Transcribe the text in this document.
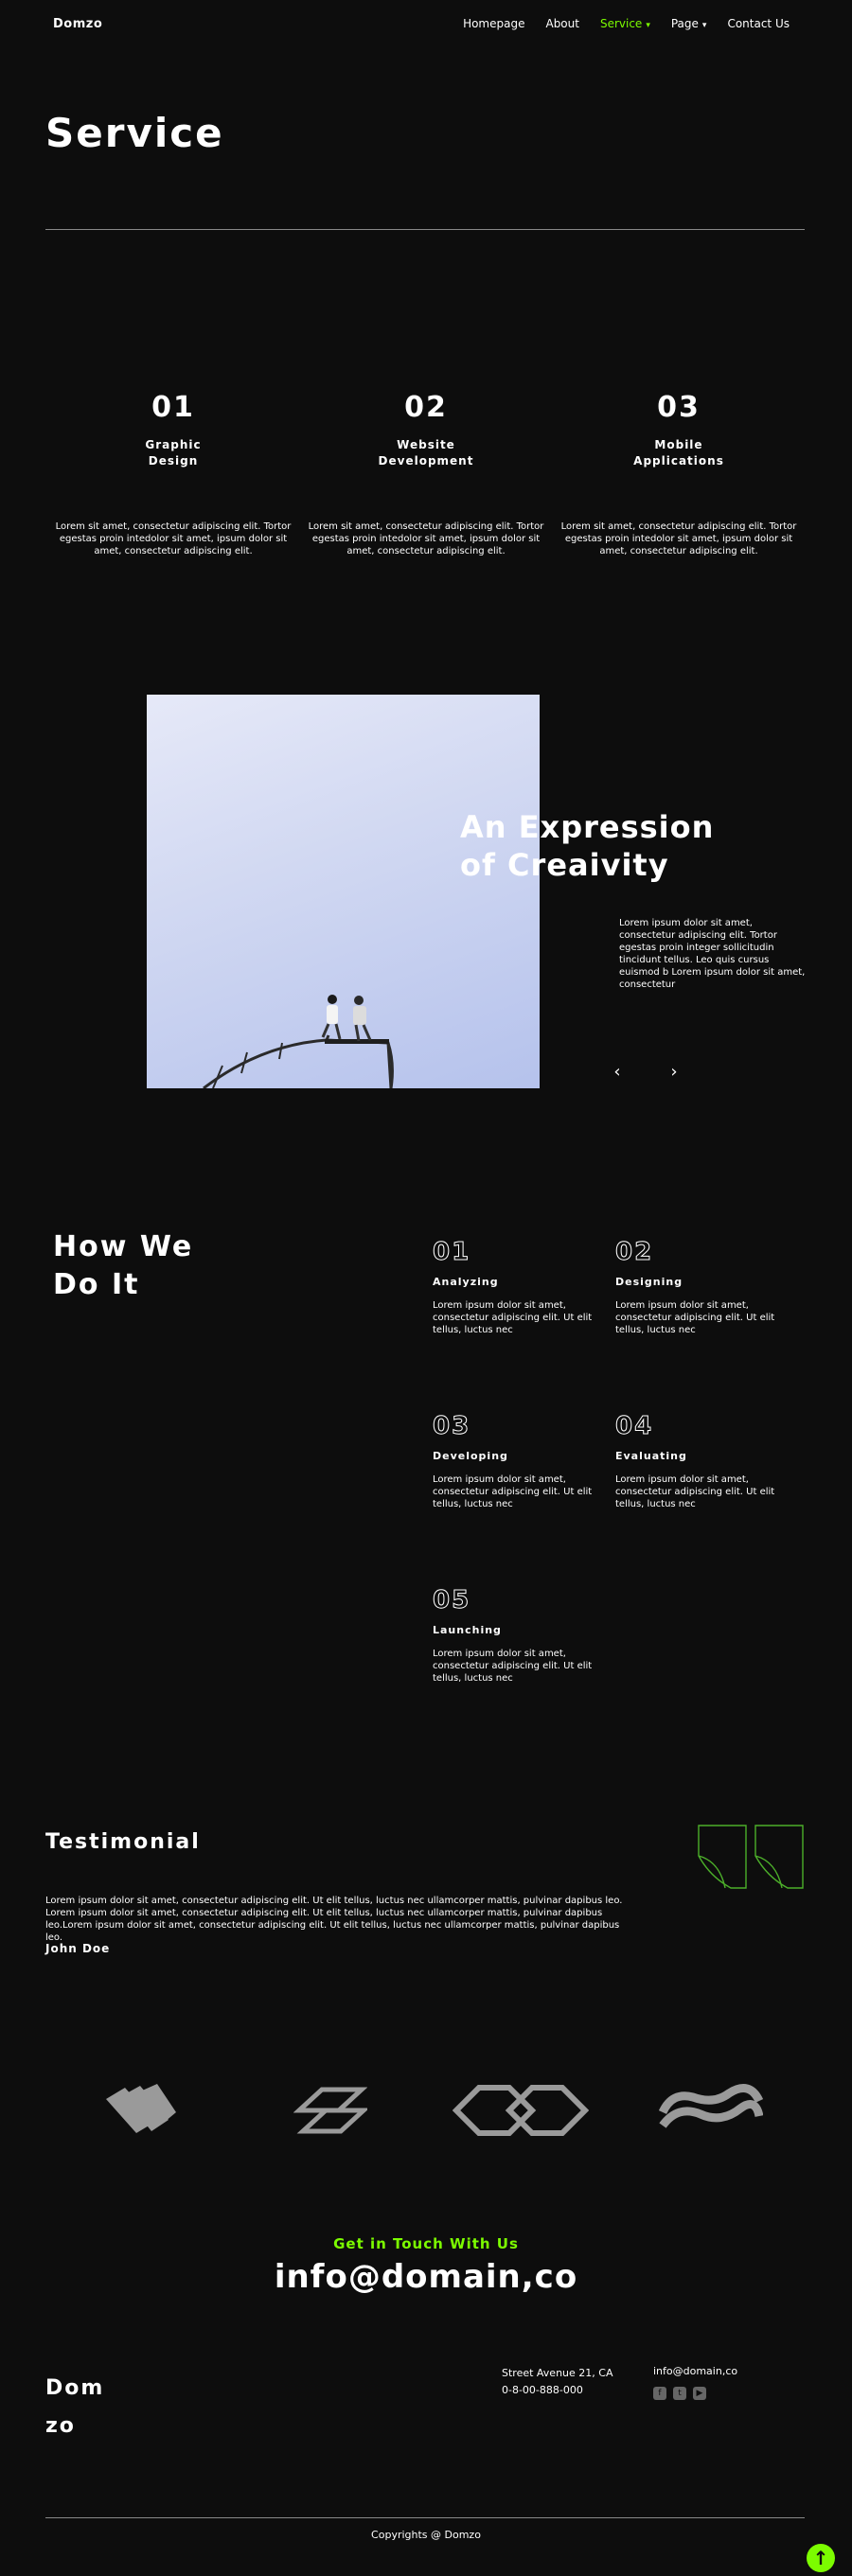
Domzo	Homepage About Service ▾ Page ▾ Contact Us
Service
01
Graphic
Design
Lorem sit amet, consectetur adipiscing elit. Tortor egestas proin intedolor sit amet, ipsum dolor sit amet, consectetur adipiscing elit.
02
Website
Development
Lorem sit amet, consectetur adipiscing elit. Tortor egestas proin intedolor sit amet, ipsum dolor sit amet, consectetur adipiscing elit.
03
Mobile
Applications
Lorem sit amet, consectetur adipiscing elit. Tortor egestas proin intedolor sit amet, ipsum dolor sit amet, consectetur adipiscing elit.
An Expression
of Creaivity
Lorem ipsum dolor sit amet, consectetur adipiscing elit. Tortor egestas proin integer sollicitudin tincidunt tellus. Leo quis cursus euismod b Lorem ipsum dolor sit amet, consectetur
‹	›
How We
Do It
01
Analyzing
Lorem ipsum dolor sit amet, consectetur adipiscing elit. Ut elit tellus, luctus nec
02
Designing
Lorem ipsum dolor sit amet, consectetur adipiscing elit. Ut elit tellus, luctus nec
03
Developing
Lorem ipsum dolor sit amet, consectetur adipiscing elit. Ut elit tellus, luctus nec
04
Evaluating
Lorem ipsum dolor sit amet, consectetur adipiscing elit. Ut elit tellus, luctus nec
05
Launching
Lorem ipsum dolor sit amet, consectetur adipiscing elit. Ut elit tellus, luctus nec
Testimonial
Lorem ipsum dolor sit amet, consectetur adipiscing elit. Ut elit tellus, luctus nec ullamcorper mattis, pulvinar dapibus leo. Lorem ipsum dolor sit amet, consectetur adipiscing elit. Ut elit tellus, luctus nec ullamcorper mattis, pulvinar dapibus leo.Lorem ipsum dolor sit amet, consectetur adipiscing elit. Ut elit tellus, luctus nec ullamcorper mattis, pulvinar dapibus leo.
John Doe
Get in Touch With Us
info@domain,co
Dom
zo
Street Avenue 21, CA
0-8-00-888-000
info@domain,co
f	t	▶
Copyrights @ Domzo
↑
